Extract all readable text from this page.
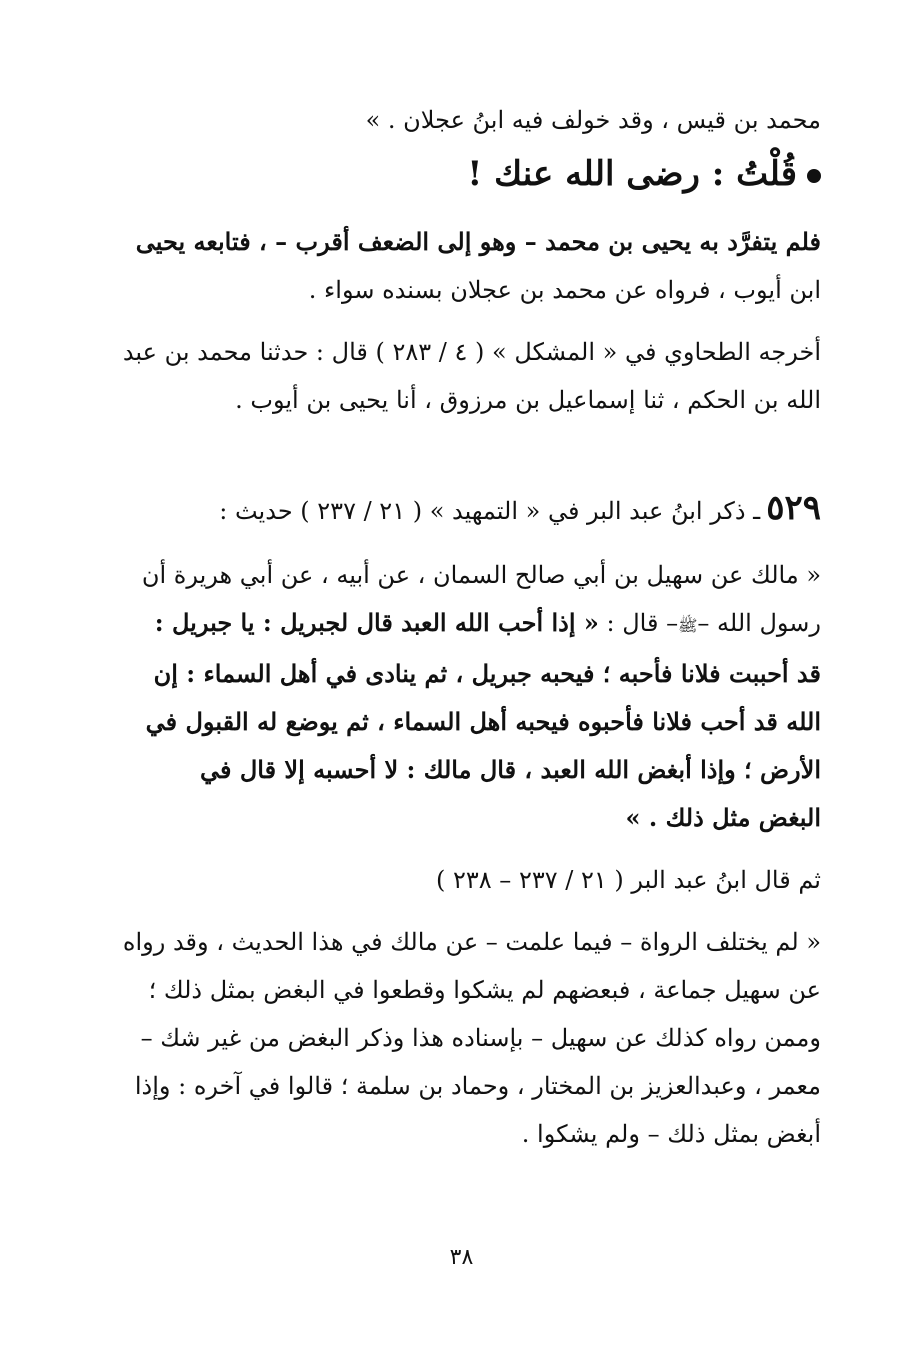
محمد بن قيس ، وقد خولف فيه ابنُ عجلان . »
قُلْتُ : رضى الله عنك !
فلم يتفرَّد به يحيى بن محمد – وهو إلى الضعف أقرب – ، فتابعه يحيى
ابن أيوب ، فرواه عن محمد بن عجلان بسنده سواء .
أخرجه الطحاوي في « المشكل » ( ٤ / ٢٨٣ ) قال : حدثنا محمد بن عبد
الله بن الحكم ، ثنا إسماعيل بن مرزوق ، أنا يحيى بن أيوب .
٥٢٩ـ ذكر ابنُ عبد البر في « التمهيد » ( ٢١ / ٢٣٧ ) حديث :
« مالك عن سهيل بن أبي صالح السمان ، عن أبيه ، عن أبي هريرة أن
رسول الله –ﷺ– قال : « إذا أحب الله العبد قال لجبريل : يا جبريل :
قد أحببت فلانا فأحبه ؛ فيحبه جبريل ، ثم ينادى في أهل السماء : إن
الله قد أحب فلانا فأحبوه فيحبه أهل السماء ، ثم يوضع له القبول في
الأرض ؛ وإذا أبغض الله العبد ، قال مالك : لا أحسبه إلا قال في
البغض مثل ذلك . »
ثم قال ابنُ عبد البر ( ٢١ / ٢٣٧ – ٢٣٨ )
« لم يختلف الرواة – فيما علمت – عن مالك في هذا الحديث ، وقد رواه
عن سهيل جماعة ، فبعضهم لم يشكوا وقطعوا في البغض بمثل ذلك ؛
وممن رواه كذلك عن سهيل – بإسناده هذا وذكر البغض من غير شك –
معمر ، وعبدالعزيز بن المختار ، وحماد بن سلمة ؛ قالوا في آخره : وإذا
أبغض بمثل ذلك – ولم يشكوا .
٣٨
